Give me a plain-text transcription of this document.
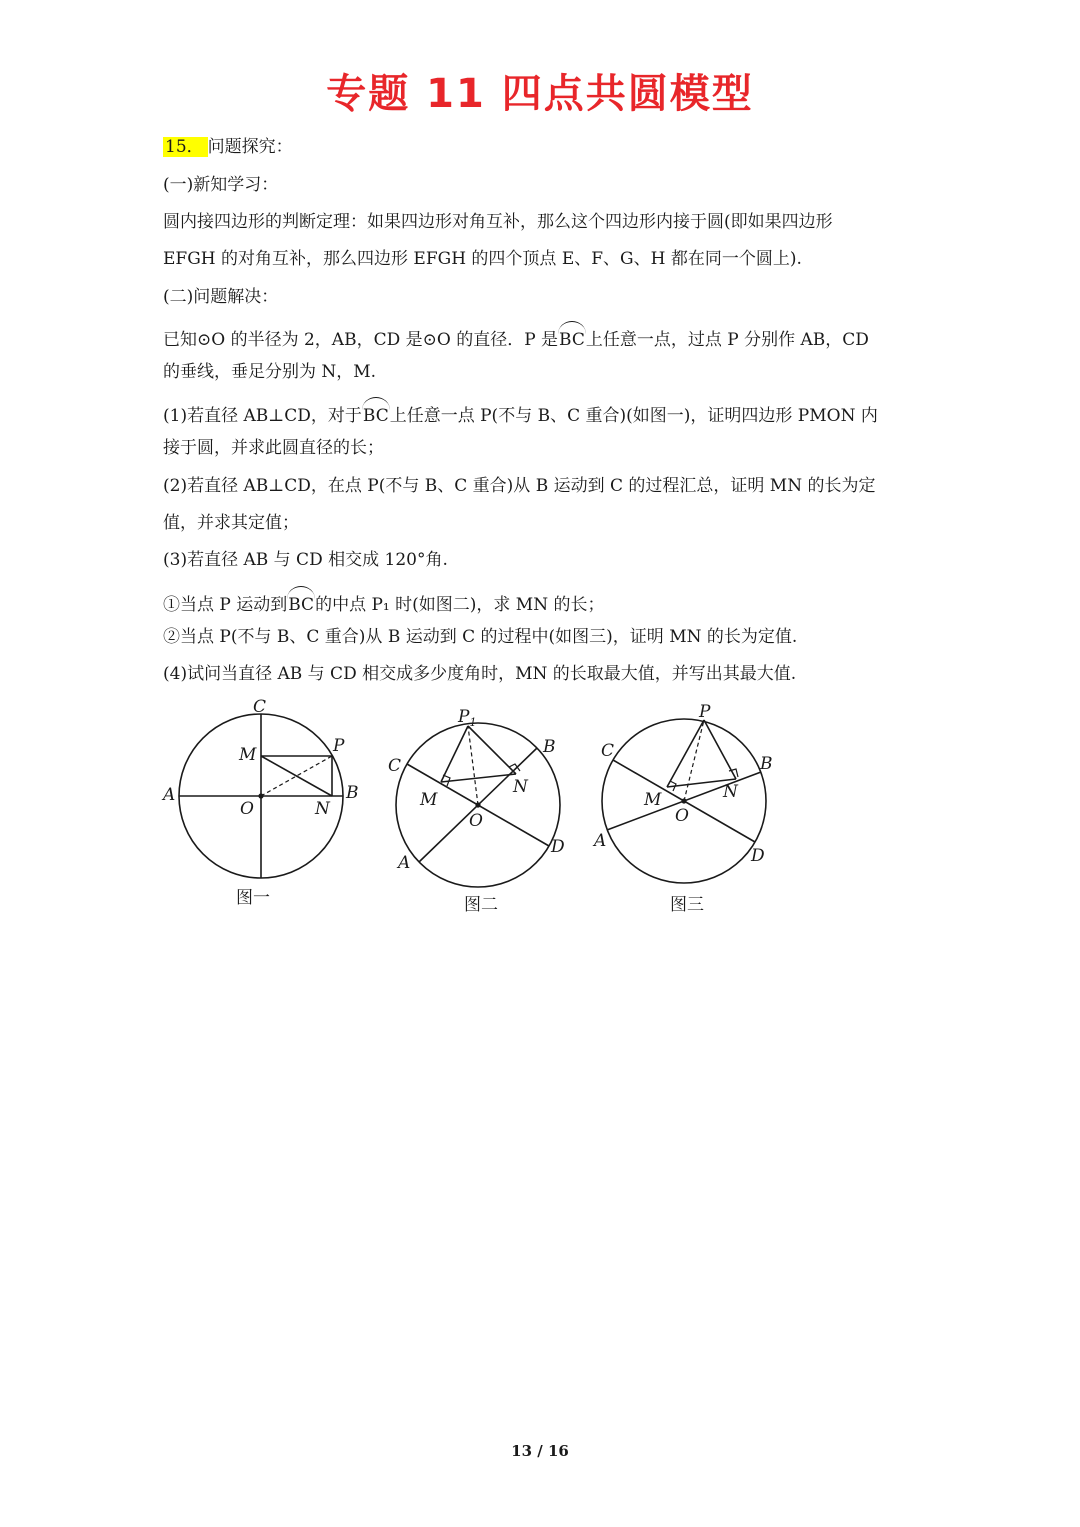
专题 11 四点共圆模型
15． 问题探究：
(一)新知学习：
圆内接四边形的判断定理：如果四边形对角互补，那么这个四边形内接于圆(即如果四边形
EFGH 的对角互补，那么四边形 EFGH 的四个顶点 E、F、G、H 都在同一个圆上).
(二)问题解决：
已知⊙O 的半径为 2，AB，CD 是⊙O 的直径．P 是BC上任意一点，过点 P 分别作 AB，CD
的垂线，垂足分别为 N，M.
(1)若直径 AB⊥CD，对于BC上任意一点 P(不与 B、C 重合)(如图一)，证明四边形 PMON 内
接于圆，并求此圆直径的长；
(2)若直径 AB⊥CD，在点 P(不与 B、C 重合)从 B 运动到 C 的过程汇总，证明 MN 的长为定
值，并求其定值；
(3)若直径 AB 与 CD 相交成 120°角.
①当点 P 运动到BC的中点 P₁ 时(如图二)，求 MN 的长；
②当点 P(不与 B、C 重合)从 B 运动到 C 的过程中(如图三)，证明 MN 的长为定值.
(4)试问当直径 AB 与 CD 相交成多少度角时，MN 的长取最大值，并写出其最大值.
C
M	P
A
O	N
B
图一
$P_1$
B
C
N
M
O
D
A
图二
P
C
B
M	N
O
A
D
图三
13 / 16
